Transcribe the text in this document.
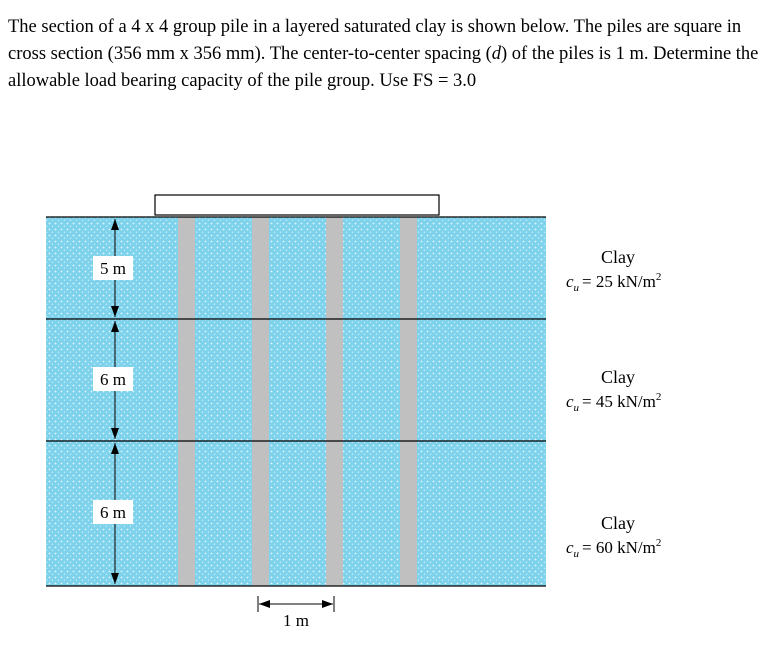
The section of a 4 x 4 group pile in a layered saturated clay is shown below. The piles are square in cross section (356 mm x 356 mm). The center-to-center spacing (d) of the piles is 1 m. Determine the allowable load bearing capacity of the pile group. Use FS = 3.0

5 m
6 m
6 m
Clay
$c_u = 25$ $kN/m^2$
Clay
$c_u = 45$ $kN/m^2$
Clay
$c_u = 60$ $kN/m^2$
1 m
